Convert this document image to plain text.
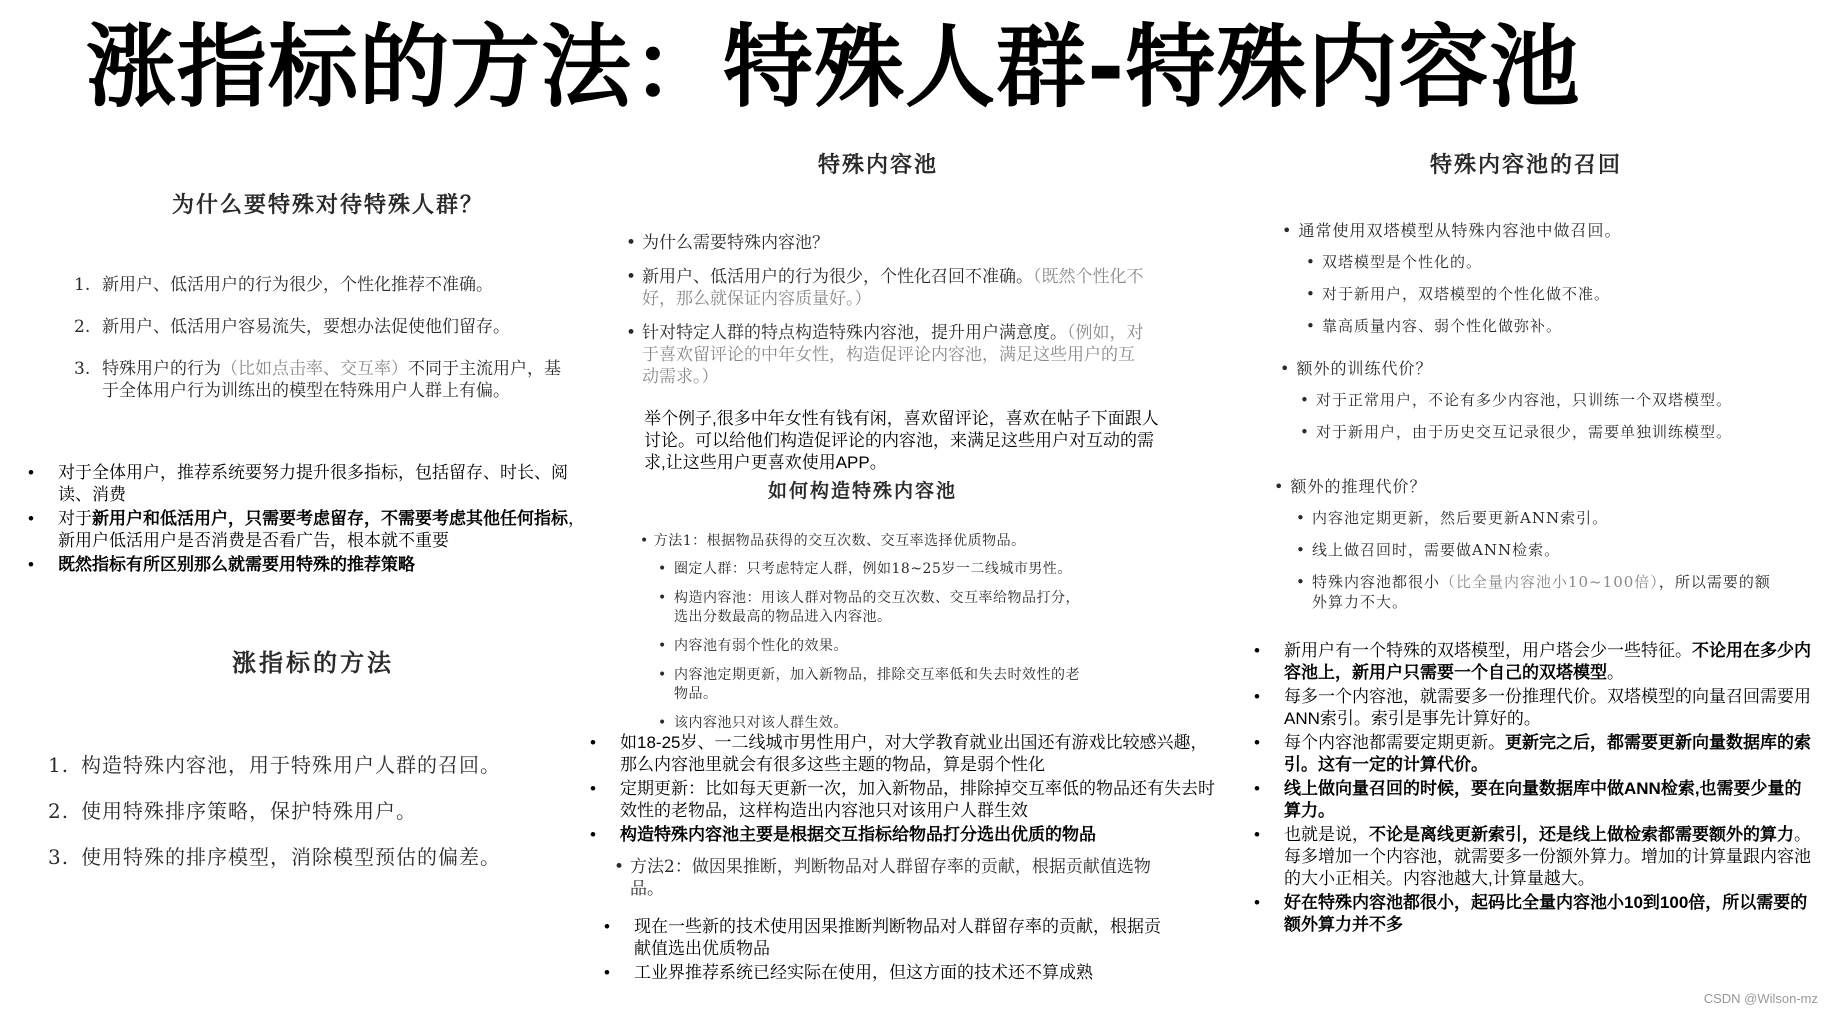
涨指标的方法：特殊人群-特殊内容池
为什么要特殊对待特殊人群？
1. 新用户、低活用户的行为很少，个性化推荐不准确。
2. 新用户、低活用户容易流失，要想办法促使他们留存。
3. 特殊用户的行为（比如点击率、交互率）不同于主流用户，基于全体用户行为训练出的模型在特殊用户人群上有偏。
• 对于全体用户，推荐系统要努力提升很多指标，包括留存、时长、阅读、消费
• 对于新用户和低活用户，只需要考虑留存，不需要考虑其他任何指标，新用户低活用户是否消费是否看广告，根本就不重要
• 既然指标有所区别那么就需要用特殊的推荐策略
涨指标的方法
1. 构造特殊内容池，用于特殊用户人群的召回。
2. 使用特殊排序策略，保护特殊用户。
3. 使用特殊的排序模型，消除模型预估的偏差。
特殊内容池
• 为什么需要特殊内容池？
• 新用户、低活用户的行为很少，个性化召回不准确。（既然个性化不好，那么就保证内容质量好。）
• 针对特定人群的特点构造特殊内容池，提升用户满意度。（例如，对于喜欢留评论的中年女性，构造促评论内容池，满足这些用户的互动需求。）
举个例子,很多中年女性有钱有闲，喜欢留评论，喜欢在帖子下面跟人讨论。可以给他们构造促评论的内容池，来满足这些用户对互动的需求,让这些用户更喜欢使用APP。
如何构造特殊内容池
• 方法1：根据物品获得的交互次数、交互率选择优质物品。
• 圈定人群：只考虑特定人群，例如18~25岁一二线城市男性。
• 构造内容池：用该人群对物品的交互次数、交互率给物品打分，选出分数最高的物品进入内容池。
• 内容池有弱个性化的效果。
• 内容池定期更新，加入新物品，排除交互率低和失去时效性的老物品。
• 该内容池只对该人群生效。
• 如18-25岁、一二线城市男性用户，对大学教育就业出国还有游戏比较感兴趣，那么内容池里就会有很多这些主题的物品，算是弱个性化
• 定期更新：比如每天更新一次，加入新物品，排除掉交互率低的物品还有失去时效性的老物品，这样构造出内容池只对该用户人群生效
• 构造特殊内容池主要是根据交互指标给物品打分选出优质的物品
• 方法2：做因果推断，判断物品对人群留存率的贡献，根据贡献值选物品。
• 现在一些新的技术使用因果推断判断物品对人群留存率的贡献，根据贡献值选出优质物品
• 工业界推荐系统已经实际在使用，但这方面的技术还不算成熟
特殊内容池的召回
• 通常使用双塔模型从特殊内容池中做召回。
• 双塔模型是个性化的。
• 对于新用户，双塔模型的个性化做不准。
• 靠高质量内容、弱个性化做弥补。
• 额外的训练代价？
• 对于正常用户，不论有多少内容池，只训练一个双塔模型。
• 对于新用户，由于历史交互记录很少，需要单独训练模型。
• 额外的推理代价？
• 内容池定期更新，然后要更新ANN索引。
• 线上做召回时，需要做ANN检索。
• 特殊内容池都很小（比全量内容池小10~100倍），所以需要的额外算力不大。
• 新用户有一个特殊的双塔模型，用户塔会少一些特征。不论用在多少内容池上，新用户只需要一个自己的双塔模型。
• 每多一个内容池，就需要多一份推理代价。双塔模型的向量召回需要用ANN索引。索引是事先计算好的。
• 每个内容池都需要定期更新。更新完之后，都需要更新向量数据库的索引。这有一定的计算代价。
• 线上做向量召回的时候，要在向量数据库中做ANN检索,也需要少量的算力。
• 也就是说，不论是离线更新索引，还是线上做检索都需要额外的算力。每多增加一个内容池，就需要多一份额外算力。增加的计算量跟内容池的大小正相关。内容池越大,计算量越大。
• 好在特殊内容池都很小，起码比全量内容池小10到100倍，所以需要的额外算力并不多
CSDN @Wilson-mz
